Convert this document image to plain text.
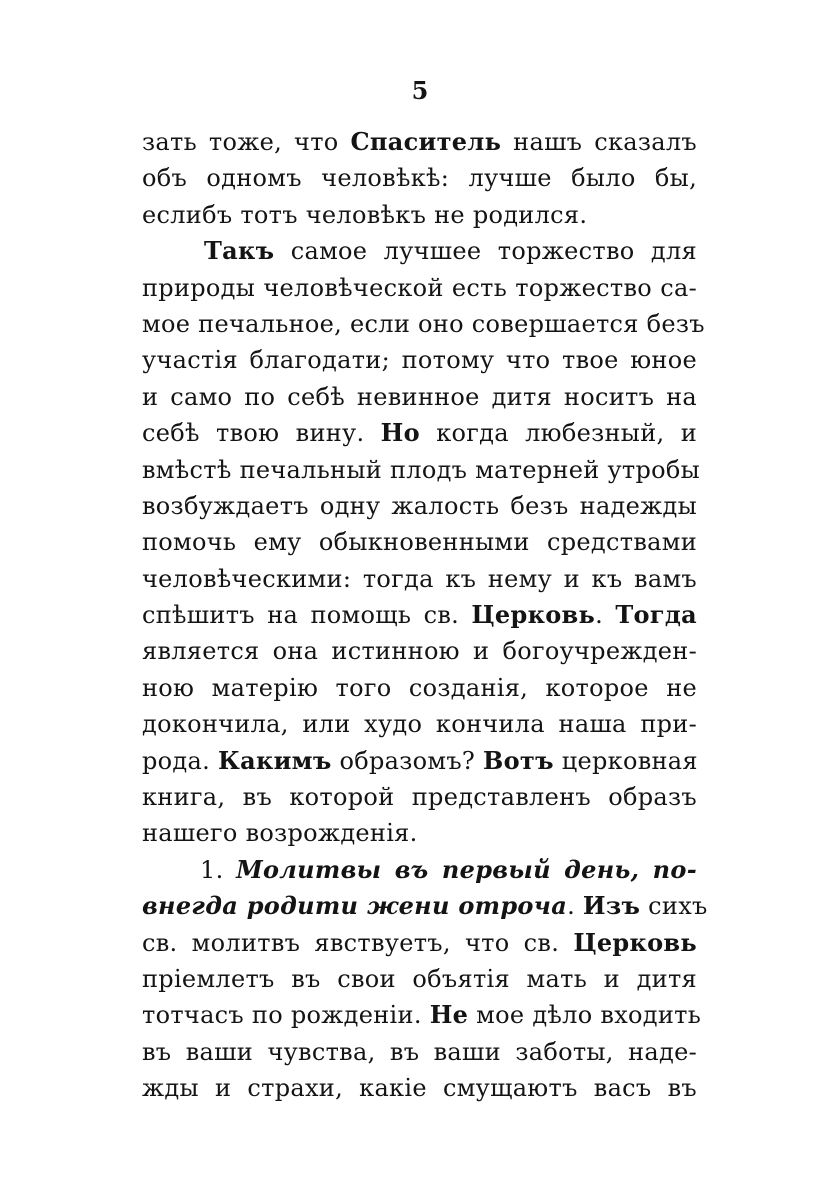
5
зать тоже, что Спаситель нашъ сказалъ
объ одномъ человѣкѣ: лучше было бы,
еслибъ тотъ человѣкъ не родился.
Такъ самое лучшее торжество для
природы человѣческой есть торжество са-
мое печальное, если оно совершается безъ
участія благодати; потому что твое юное
и само по себѣ невинное дитя носитъ на
себѣ твою вину. Но когда любезный, и
вмѣстѣ печальный плодъ матерней утробы
возбуждаетъ одну жалость безъ надежды
помочь ему обыкновенными средствами
человѣческими: тогда къ нему и къ вамъ
спѣшитъ на помощь св. Церковь. Тогда
является она истинною и богоучрежден-
ною матерію того созданія, которое не
докончила, или худо кончила наша при-
рода. Какимъ образомъ? Вотъ церковная
книга, въ которой представленъ образъ
нашего возрожденія.
1. Молитвы въ первый день, по-
внегда родити жени отроча. Изъ сихъ
св. молитвъ явствуетъ, что св. Церковь
пріемлетъ въ свои объятія мать и дитя
тотчасъ по рожденіи. Не мое дѣло входить
въ ваши чувства, въ ваши заботы, наде-
жды и страхи, какіе смущаютъ васъ въ
